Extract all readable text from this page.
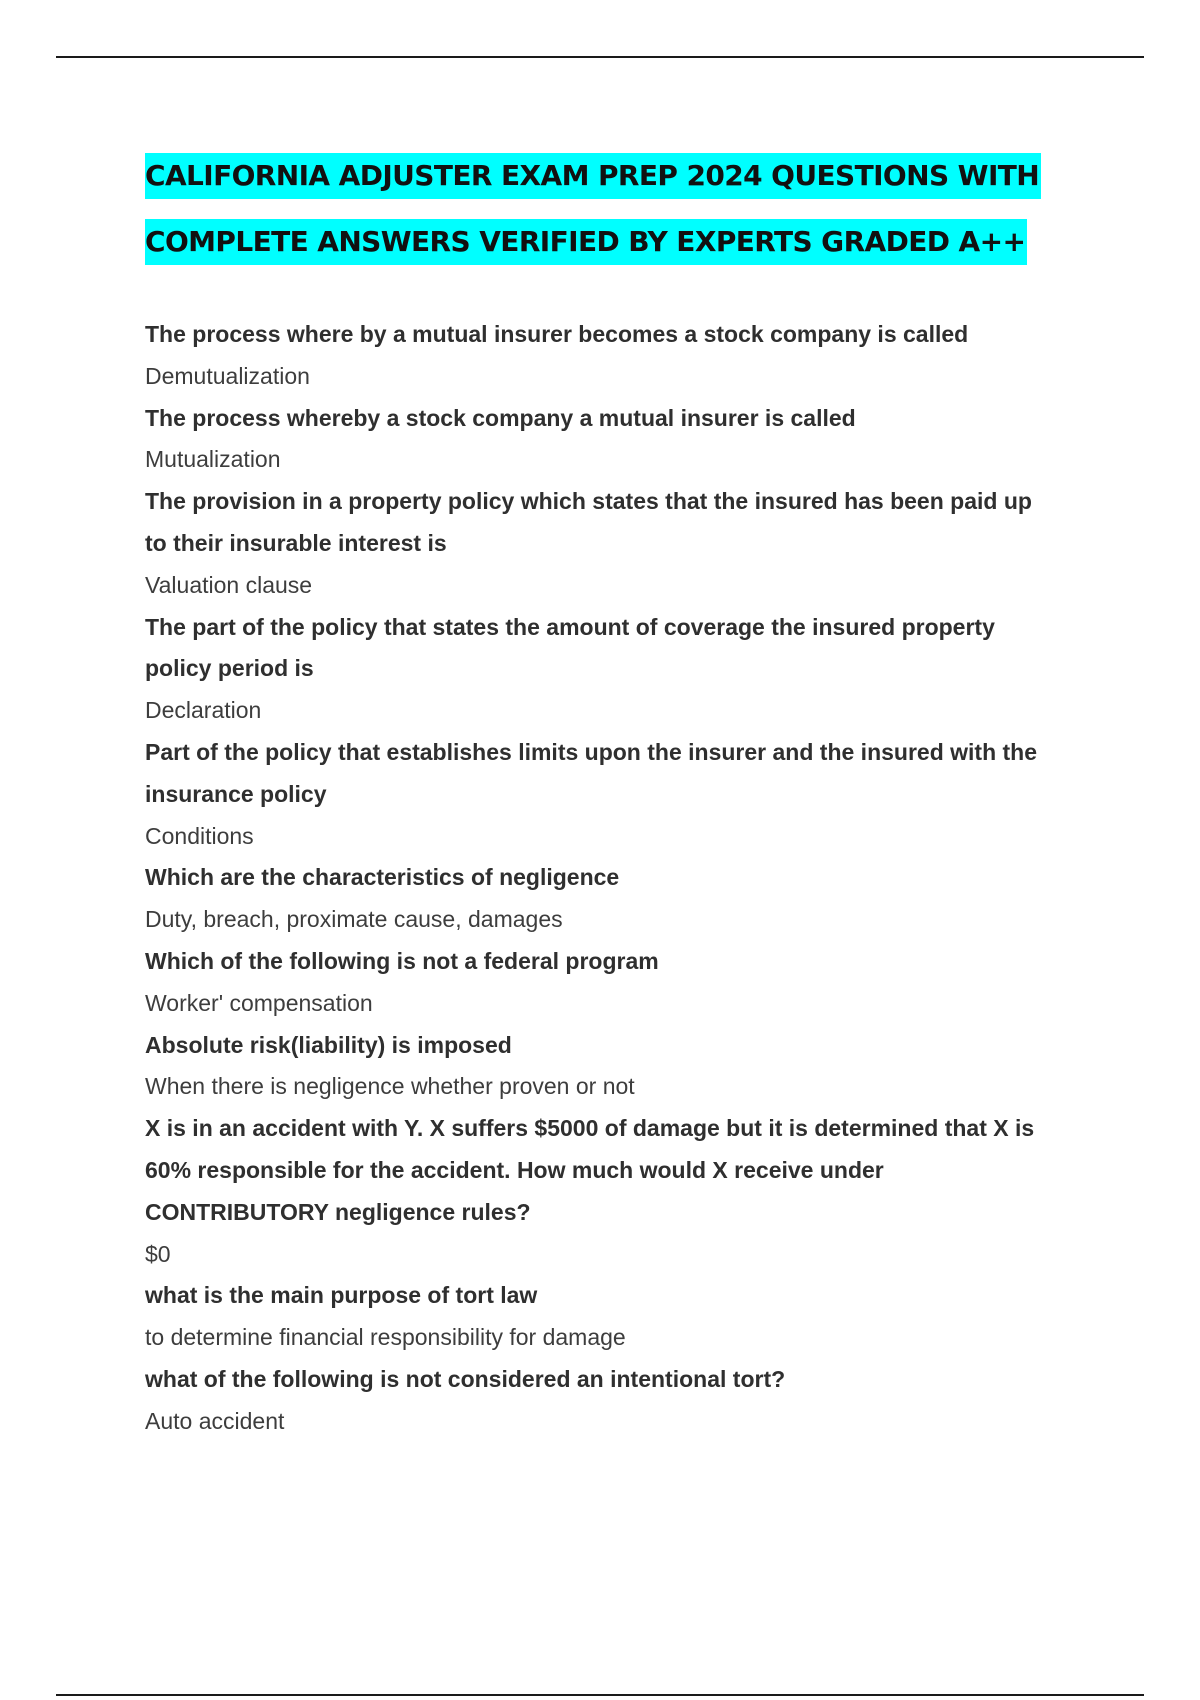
CALIFORNIA ADJUSTER EXAM PREP 2024 QUESTIONS WITH
COMPLETE ANSWERS VERIFIED BY EXPERTS GRADED A++
The process where by a mutual insurer becomes a stock company is called
Demutualization
The process whereby a stock company a mutual insurer is called
Mutualization
The provision in a property policy which states that the insured has been paid up
to their insurable interest is
Valuation clause
The part of the policy that states the amount of coverage the insured property
policy period is
Declaration
Part of the policy that establishes limits upon the insurer and the insured with the
insurance policy
Conditions
Which are the characteristics of negligence
Duty, breach, proximate cause, damages
Which of the following is not a federal program
Worker' compensation
Absolute risk(liability) is imposed
When there is negligence whether proven or not
X is in an accident with Y. X suffers $5000 of damage but it is determined that X is
60% responsible for the accident. How much would X receive under
CONTRIBUTORY negligence rules?
$0
what is the main purpose of tort law
to determine financial responsibility for damage
what of the following is not considered an intentional tort?
Auto accident
